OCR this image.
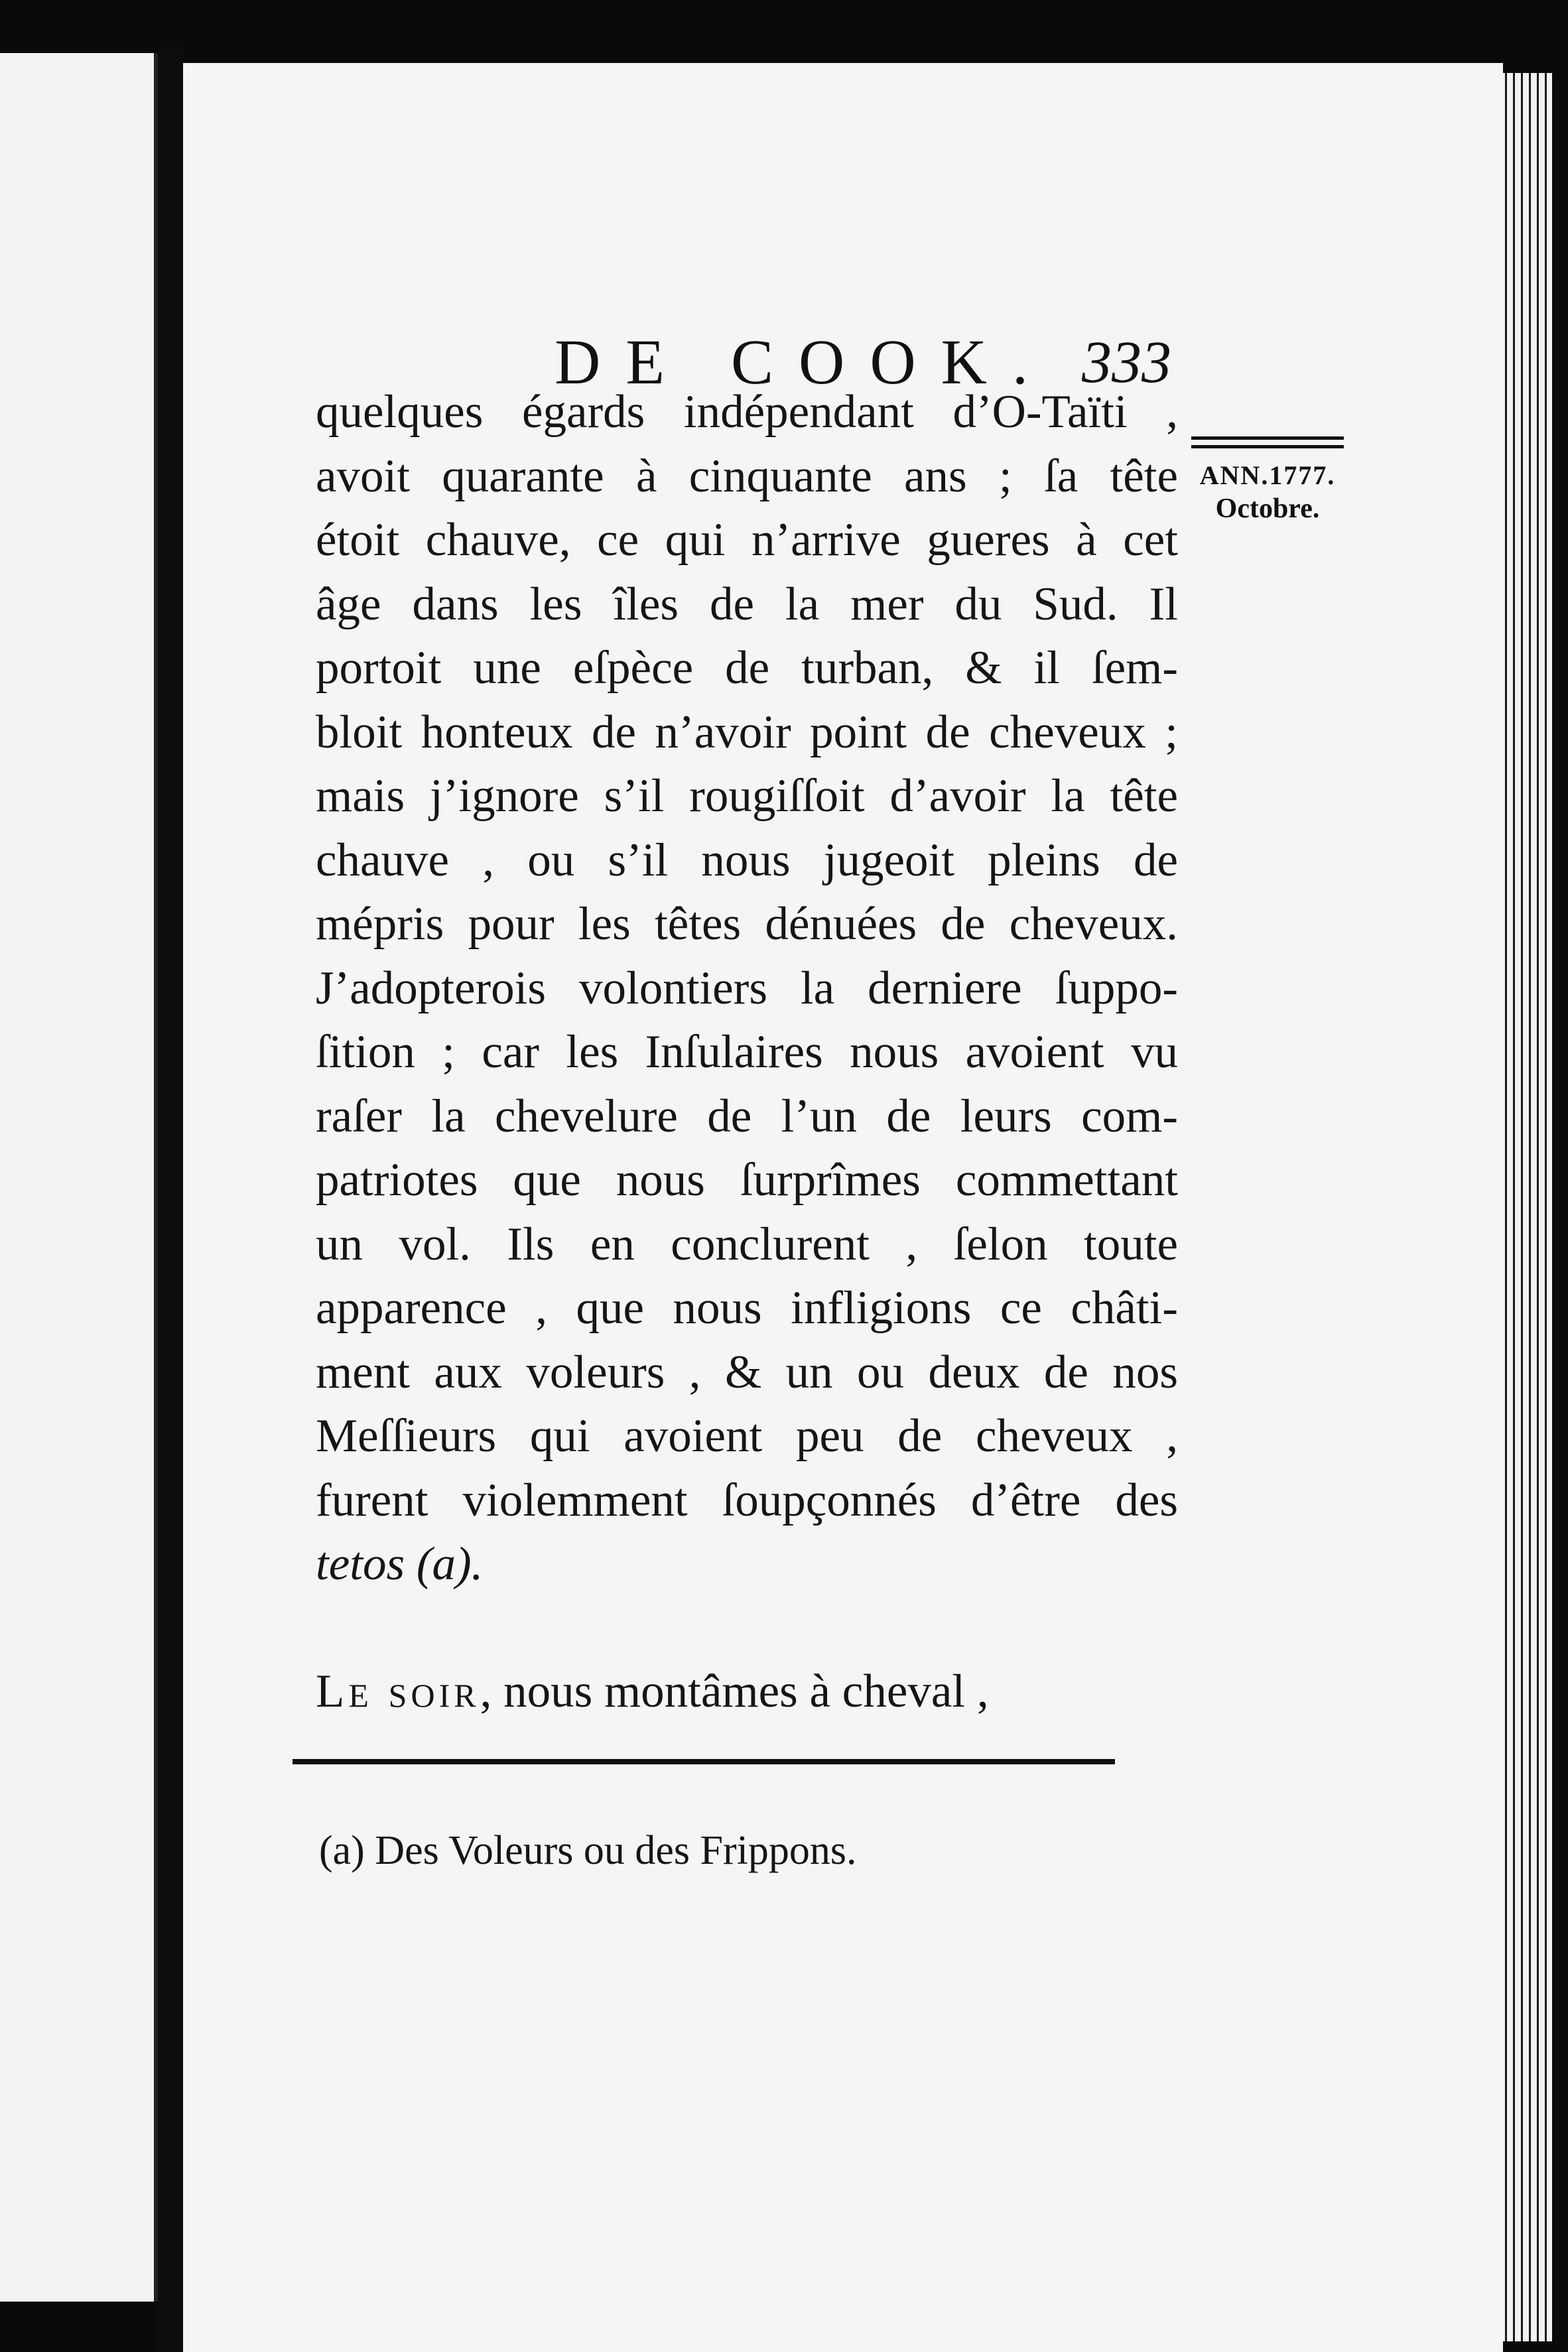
DE COOK. 333
ANN.1777.
Octobre.
quelques égards indépendant d’O-Taïti ,
avoit quarante à cinquante ans ; ſa tête
étoit chauve, ce qui n’arrive gueres à cet
âge dans les îles de la mer du Sud. Il
portoit une eſpèce de turban, & il ſem-
bloit honteux de n’avoir point de cheveux ;
mais j’ignore s’il rougiſſoit d’avoir la tête
chauve , ou s’il nous jugeoit pleins de
mépris pour les têtes dénuées de cheveux.
J’adopterois volontiers la derniere ſuppo-
ſition ; car les Inſulaires nous avoient vu
raſer la chevelure de l’un de leurs com-
patriotes que nous ſurprîmes commettant
un vol. Ils en conclurent , ſelon toute
apparence , que nous infligions ce châti-
ment aux voleurs , & un ou deux de nos
Meſſieurs qui avoient peu de cheveux ,
furent violemment ſoupçonnés d’être des
tetos (a).
Le soir, nous montâmes à cheval ,
(a) Des Voleurs ou des Frippons.
